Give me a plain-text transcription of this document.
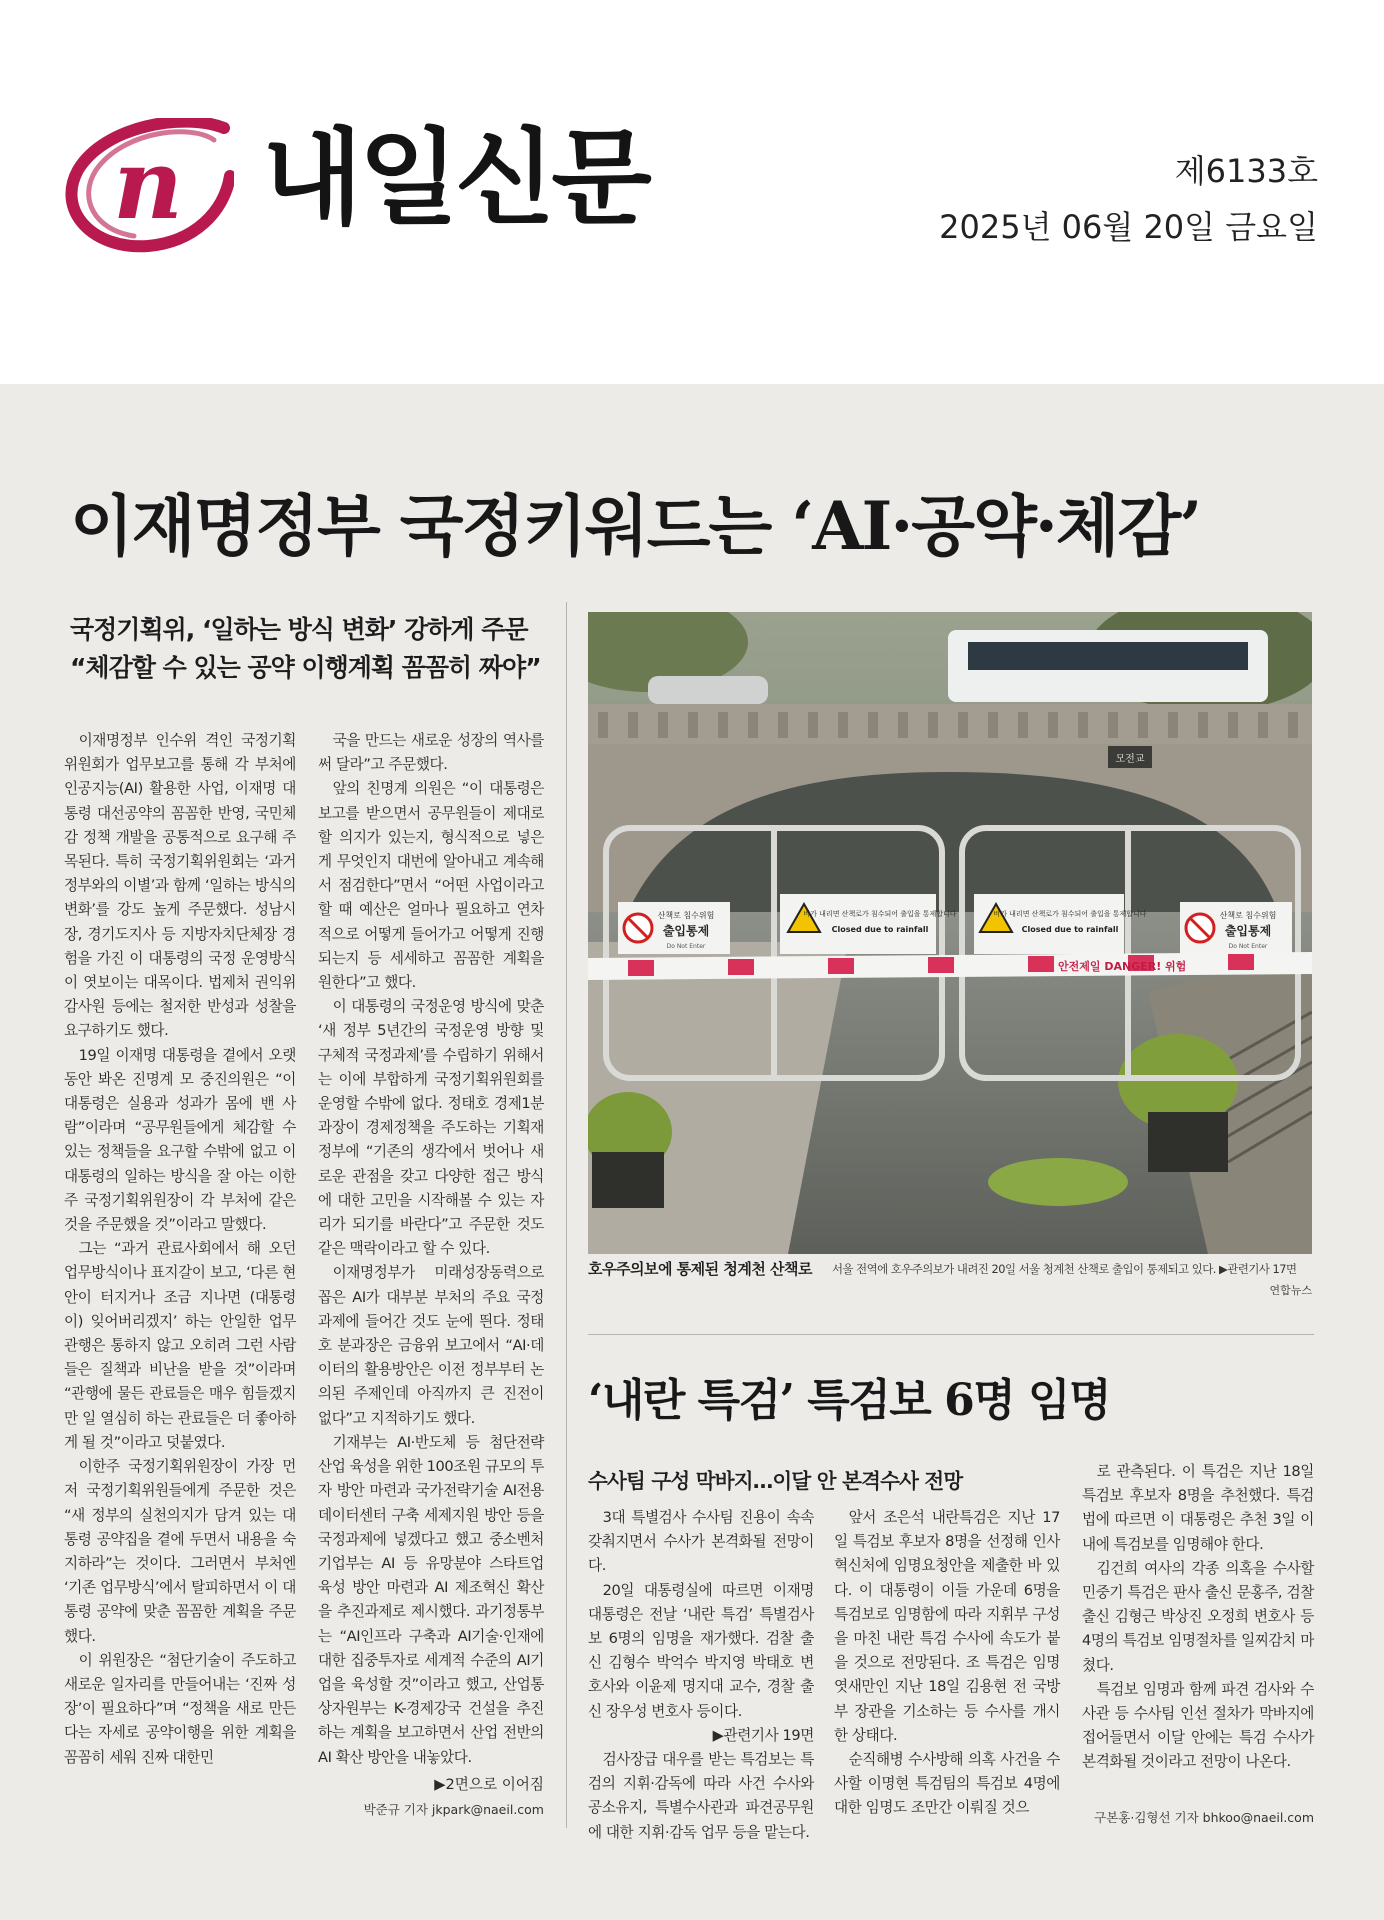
n 내일신문	제6133호
2025년 06월 20일 금요일
이재명정부 국정키워드는 ‘AI·공약·체감’
국정기획위, ‘일하는 방식 변화’ 강하게 주문
“체감할 수 있는 공약 이행계획 꼼꼼히 짜야”

이재명정부 인수위 격인 국정기획위원회가 업무보고를 통해 각 부처에 인공지능(AI) 활용한 사업, 이재명 대통령 대선공약의 꼼꼼한 반영, 국민체감 정책 개발을 공통적으로 요구해 주목된다. 특히 국정기획위원회는 ‘과거 정부와의 이별’과 함께 ‘일하는 방식의 변화’를 강도 높게 주문했다. 성남시장, 경기도지사 등 지방자치단체장 경험을 가진 이 대통령의 국정 운영방식이 엿보이는 대목이다. 법제처 권익위 감사원 등에는 철저한 반성과 성찰을 요구하기도 했다.

19일 이재명 대통령을 곁에서 오랫동안 봐온 진명계 모 중진의원은 “이 대통령은 실용과 성과가 몸에 밴 사람”이라며 “공무원들에게 체감할 수 있는 정책들을 요구할 수밖에 없고 이 대통령의 일하는 방식을 잘 아는 이한주 국정기획위원장이 각 부처에 같은 것을 주문했을 것”이라고 말했다.

그는 “과거 관료사회에서 해 오던 업무방식이나 표지갈이 보고, ‘다른 현안이 터지거나 조금 지나면 (대통령이) 잊어버리겠지’ 하는 안일한 업무 관행은 통하지 않고 오히려 그런 사람들은 질책과 비난을 받을 것”이라며 “관행에 물든 관료들은 매우 힘들겠지만 일 열심히 하는 관료들은 더 좋아하게 될 것”이라고 덧붙였다.

이한주 국정기획위원장이 가장 먼저 국정기획위원들에게 주문한 것은 “새 정부의 실천의지가 담겨 있는 대통령 공약집을 곁에 두면서 내용을 숙지하라”는 것이다. 그러면서 부처엔 ‘기존 업무방식’에서 탈피하면서 이 대통령 공약에 맞춘 꼼꼼한 계획을 주문했다.

이 위원장은 “첨단기술이 주도하고 새로운 일자리를 만들어내는 ‘진짜 성장’이 필요하다”며 “정책을 새로 만든다는 자세로 공약이행을 위한 계획을 꼼꼼히 세워 진짜 대한민

국을 만드는 새로운 성장의 역사를 써 달라”고 주문했다.

앞의 친명계 의원은 “이 대통령은 보고를 받으면서 공무원들이 제대로 할 의지가 있는지, 형식적으로 넣은 게 무엇인지 대번에 알아내고 계속해서 점검한다”면서 “어떤 사업이라고 할 때 예산은 얼마나 필요하고 연차적으로 어떻게 들어가고 어떻게 진행되는지 등 세세하고 꼼꼼한 계획을 원한다”고 했다.

이 대통령의 국정운영 방식에 맞춘 ‘새 정부 5년간의 국정운영 방향 및 구체적 국정과제’를 수립하기 위해서는 이에 부합하게 국정기획위원회를 운영할 수밖에 없다. 정태호 경제1분과장이 경제정책을 주도하는 기획재정부에 “기존의 생각에서 벗어나 새로운 관점을 갖고 다양한 접근 방식에 대한 고민을 시작해볼 수 있는 자리가 되기를 바란다”고 주문한 것도 같은 맥락이라고 할 수 있다.

이재명정부가 미래성장동력으로 꼽은 AI가 대부분 부처의 주요 국정과제에 들어간 것도 눈에 띈다. 정태호 분과장은 금융위 보고에서 “AI·데이터의 활용방안은 이전 정부부터 논의된 주제인데 아직까지 큰 진전이 없다”고 지적하기도 했다.

기재부는 AI·반도체 등 첨단전략 산업 육성을 위한 100조원 규모의 투자 방안 마련과 국가전략기술 AI전용 데이터센터 구축 세제지원 방안 등을 국정과제에 넣겠다고 했고 중소벤처기업부는 AI 등 유망분야 스타트업 육성 방안 마련과 AI 제조혁신 확산을 추진과제로 제시했다. 과기정통부는 “AI인프라 구축과 AI기술·인재에 대한 집중투자로 세계적 수준의 AI기업을 육성할 것”이라고 했고, 산업통상자원부는 K-경제강국 건설을 추진하는 계획을 보고하면서 산업 전반의 AI 확산 방안을 내놓았다.

▶2면으로 이어짐
박준규 기자 jkpark@naeil.com
모전교
산책로 침수위험
출입통제
Do Not Enter
비가 내리면 산책로가 침수되어 출입을 통제합니다
Closed due to rainfall
비가 내리면 산책로가 침수되어 출입을 통제합니다
Closed due to rainfall
산책로 침수위험
출입통제
Do Not Enter
안전제일 DANGER! 위험
호우주의보에 통제된 청계천 산책로 서울 전역에 호우주의보가 내려진 20일 서울 청계천 산책로 출입이 통제되고 있다. ▶관련기사 17면
연합뉴스
‘내란 특검’ 특검보 6명 임명
수사팀 구성 막바지…이달 안 본격수사 전망

3대 특별검사 수사팀 진용이 속속 갖춰지면서 수사가 본격화될 전망이다.

20일 대통령실에 따르면 이재명 대통령은 전날 ‘내란 특검’ 특별검사보 6명의 임명을 재가했다. 검찰 출신 김형수 박억수 박지영 박태호 변호사와 이윤제 명지대 교수, 경찰 출신 장우성 변호사 등이다.

▶관련기사 19면

검사장급 대우를 받는 특검보는 특검의 지휘·감독에 따라 사건 수사와 공소유지, 특별수사관과 파견공무원에 대한 지휘·감독 업무 등을 맡는다.

앞서 조은석 내란특검은 지난 17일 특검보 후보자 8명을 선정해 인사혁신처에 임명요청안을 제출한 바 있다. 이 대통령이 이들 가운데 6명을 특검보로 임명함에 따라 지휘부 구성을 마친 내란 특검 수사에 속도가 붙을 것으로 전망된다. 조 특검은 임명 엿새만인 지난 18일 김용현 전 국방부 장관을 기소하는 등 수사를 개시한 상태다.

순직해병 수사방해 의혹 사건을 수사할 이명현 특검팀의 특검보 4명에 대한 임명도 조만간 이뤄질 것으

로 관측된다. 이 특검은 지난 18일 특검보 후보자 8명을 추천했다. 특검법에 따르면 이 대통령은 추천 3일 이내에 특검보를 임명해야 한다.

김건희 여사의 각종 의혹을 수사할 민중기 특검은 판사 출신 문홍주, 검찰 출신 김형근 박상진 오정희 변호사 등 4명의 특검보 임명절차를 일찌감치 마쳤다.

특검보 임명과 함께 파견 검사와 수사관 등 수사팀 인선 절차가 막바지에 접어들면서 이달 안에는 특검 수사가 본격화될 것이라고 전망이 나온다.

구본홍·김형선 기자 bhkoo@naeil.com
